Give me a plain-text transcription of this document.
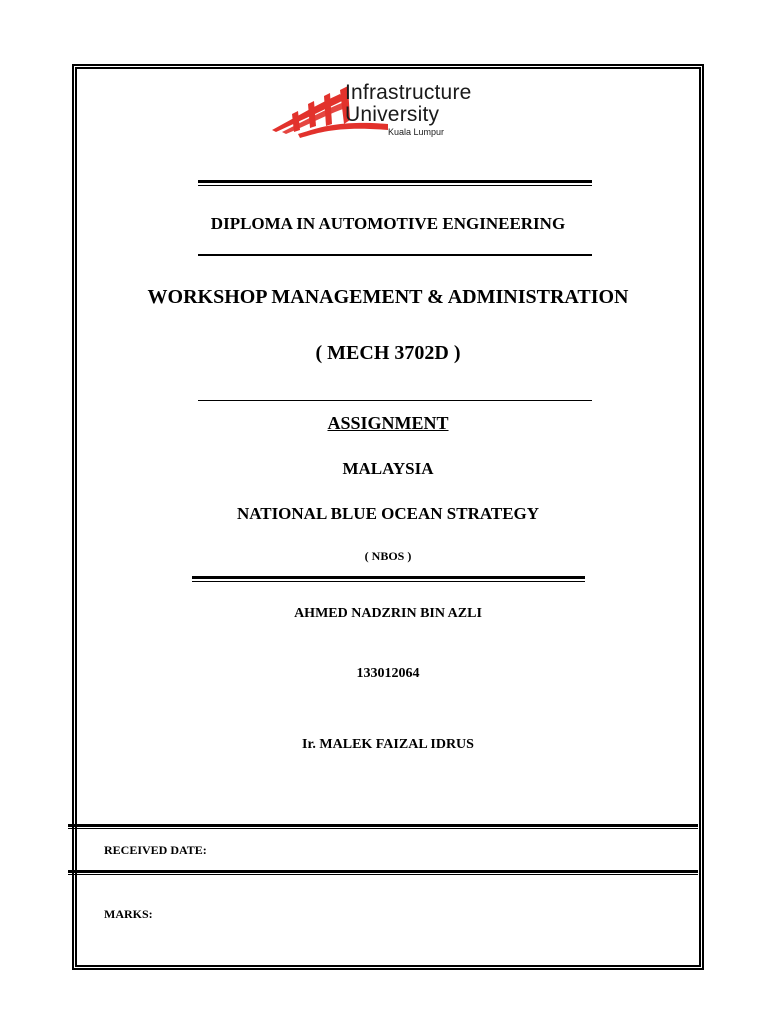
Infrastructure
University
Kuala Lumpur
DIPLOMA IN AUTOMOTIVE ENGINEERING
WORKSHOP MANAGEMENT & ADMINISTRATION
( MECH 3702D )
ASSIGNMENT
MALAYSIA
NATIONAL BLUE OCEAN STRATEGY
( NBOS )
AHMED NADZRIN BIN AZLI
133012064
Ir. MALEK FAIZAL IDRUS
RECEIVED DATE:
MARKS:
